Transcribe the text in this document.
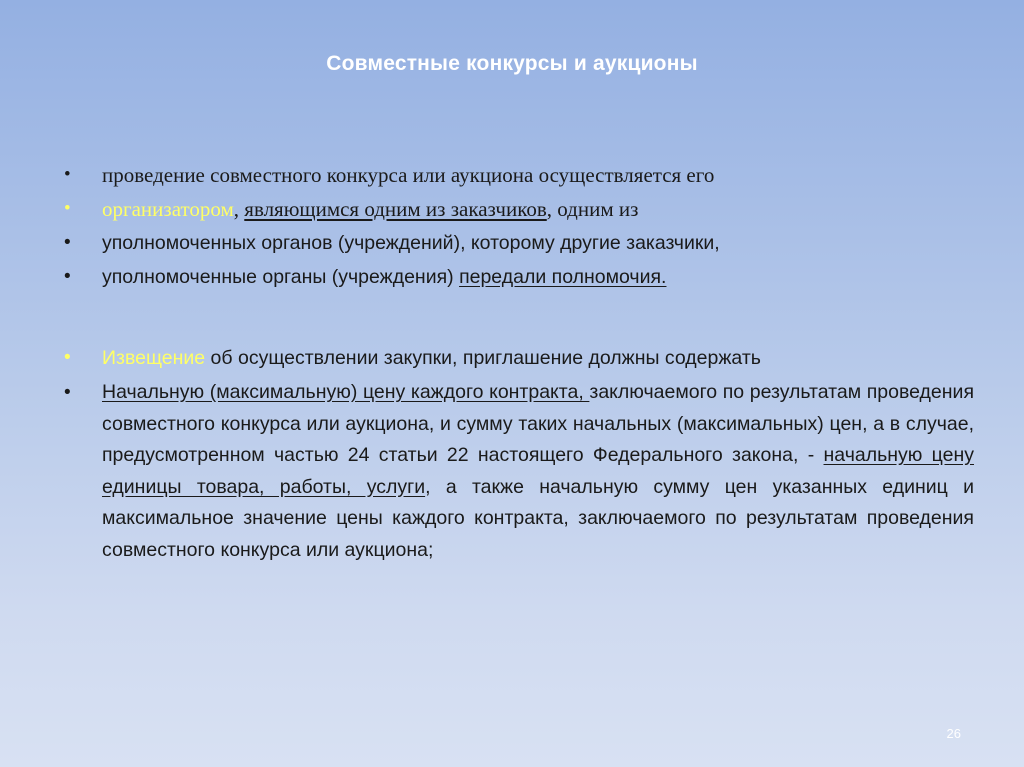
Совместные конкурсы и аукционы
•	проведение совместного конкурса или аукциона осуществляется его
•	организатором, являющимся одним из заказчиков, одним из
•	уполномоченных органов (учреждений), которому другие заказчики,
•	уполномоченные органы (учреждения) передали полномочия.
•	Извещение об осуществлении закупки, приглашение должны содержать
•	Начальную (максимальную) цену каждого контракта, заключаемого по результатам проведения совместного конкурса или аукциона, и сумму таких начальных (максимальных) цен, а в случае, предусмотренном частью 24 статьи 22 настоящего Федерального закона, - начальную цену единицы товара, работы, услуги, а также начальную сумму цен указанных единиц и максимальное значение цены каждого контракта, заключаемого по результатам проведения совместного конкурса или аукциона;
26
